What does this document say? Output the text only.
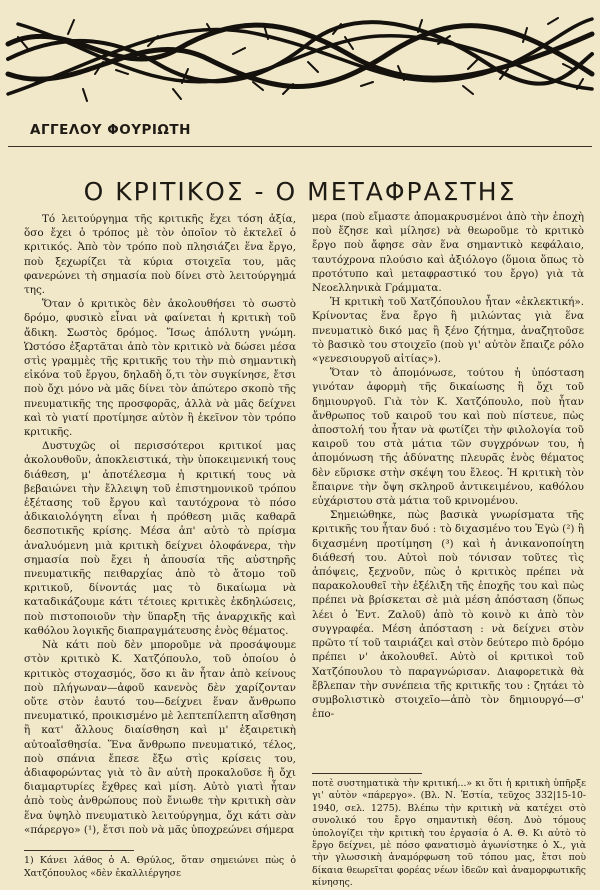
ΑΓΓΕΛΟΥ ΦΟΥΡΙΩΤΗ
Ο ΚΡΙΤΙΚΟΣ - Ο ΜΕΤΑΦΡΑΣΤΗΣ

Τό λειτούργημα τῆς κριτικῆς ἔχει τόση ἀξία, ὅσο ἔχει ὁ τρόπος μὲ τὸν ὁποῖον τὸ ἐκτελεῖ ὁ κριτικός. Ἀπὸ τὸν τρόπο ποὺ πλησιάζει ἕνα ἔργο, ποὺ ξεχωρίζει τὰ κύρια στοιχεῖα του, μᾶς φανερώνει τὴ σημασία ποὺ δίνει στὸ λειτούργημά της.

Ὅταν ὁ κριτικὸς δὲν ἀκολουθήσει τὸ σωστὸ δρόμο, φυσικὸ εἶναι νὰ φαίνεται ἡ κριτικὴ τοῦ ἄδικη. Σωστὸς δρόμος. Ἴσως ἀπόλυτη γνώμη. Ὡστόσο ἐξαρτᾶται ἀπὸ τὸν κριτικὸ νὰ δώσει μέσα στὶς γραμμὲς τῆς κριτικῆς του τὴν πιὸ σημαντικὴ εἰκόνα τοῦ ἔργου, δηλαδὴ ὅ,τι τὸν συγκίνησε, ἔτσι ποὺ ὄχι μόνο νὰ μᾶς δίνει τὸν ἀπώτερο σκοπὸ τῆς πνευματικῆς της προσφορᾶς, ἀλλὰ νὰ μᾶς δείχνει καὶ τὸ γιατί προτίμησε αὐτὸν ἢ ἐκεῖνον τὸν τρόπο κριτικῆς.

Δυστυχῶς οἱ περισσότεροι κριτικοί μας ἀκολουθοῦν, ἀποκλειστικά, τὴν ὑποκειμενική τους διάθεση, μ' ἀποτέλεσμα ἡ κριτική τους νὰ βεβαιώνει τὴν ἔλλειψη τοῦ ἐπιστημονικοῦ τρόπου ἐξέτασης τοῦ ἔργου καὶ ταυτόχρονα τὸ πόσο ἀδικαιολόγητη εἶναι ἡ πρόθεση μιᾶς καθαρᾶ δεσποτικῆς κρίσης. Μέσα ἀπ' αὐτὸ τὸ πρίσμα ἀναλυόμενη μιὰ κριτικὴ δείχνει ὁλοφάνερα, τὴν σημασία ποὺ ἔχει ἡ ἀπουσία τῆς αὐστηρῆς πνευματικῆς πειθαρχίας ἀπὸ τὸ ἄτομο τοῦ κριτικοῦ, δίνοντάς μας τὸ δικαίωμα νὰ καταδικάζουμε κάτι τέτοιες κριτικὲς ἐκδηλώσεις, ποὺ πιστοποιοῦν τὴν ὕπαρξη τῆς ἀναρχικῆς καὶ καθόλου λογικῆς διαπραγμάτευσης ἑνὸς θέματος.

Νὰ κάτι ποὺ δὲν μποροῦμε νὰ προσάψουμε στὸν κριτικὸ Κ. Χατζόπουλο, τοῦ ὁποίου ὁ κριτικὸς στοχασμός, ὅσο κι ἂν ἦταν ἀπὸ κείνους ποὺ πλήγωναν—ἀφοῦ κανενὸς δὲν χαρίζονταν οὔτε στὸν ἑαυτό του—δείχνει ἕναν ἄνθρωπο πνευματικό, προικισμένο μὲ λεπτεπίλεπτη αἴσθηση ἢ κατ' ἄλλους διαίσθηση καὶ μ' ἐξαιρετικὴ αὐτοαἴσθησία. Ἕνα ἄνθρωπο πνευματικό, τέλος, ποὺ σπάνια ἔπεσε ἔξω στὶς κρίσεις του, ἀδιαφορώντας γιὰ τὸ ἂν αὐτὴ προκαλοῦσε ἢ ὄχι διαμαρτυρίες ἔχθρες καὶ μίση. Αὐτὸ γιατὶ ἦταν ἀπὸ τοὺς ἀνθρώπους ποὺ ἔνιωθε τὴν κριτικὴ σὰν ἕνα ὑψηλὸ πνευματικὸ λειτούργημα, ὄχι κάτι σὰν «πάρεργο» (¹), ἔτσι ποὺ νὰ μᾶς ὑποχρεώνει σήμερα

1) Κάνει λάθος ὁ Α. Θρύλος, ὅταν σημειώνει πὼς ὁ Χατζόπουλος «δὲν ἐκαλλιέργησε

μερα (ποὺ εἴμαστε ἀπομακρυσμένοι ἀπὸ τὴν ἐποχὴ ποὺ ἔζησε καὶ μίλησε) νὰ θεωροῦμε τὸ κριτικὸ ἔργο ποὺ ἄφησε σὰν ἕνα σημαντικὸ κεφάλαιο, ταυτόχρονα πλούσιο καὶ ἀξιόλογο (ὅμοια ὅπως τὸ προτότυπο καὶ μεταφραστικό του ἔργο) γιὰ τὰ Νεοελληνικὰ Γράμματα.

Ἡ κριτικὴ τοῦ Χατζόπουλου ἦταν «ἐκλεκτική». Κρίνοντας ἕνα ἔργο ἢ μιλώντας γιὰ ἕνα πνευματικὸ δικό μας ἢ ξένο ζήτημα, ἀναζητοῦσε τὸ βασικὸ του στοιχεῖο (ποὺ γι' αὐτὸν ἔπαιζε ρόλο «γενεσιουργοῦ αἰτίας»).

Ὅταν τὸ ἀπομόνωσε, τούτου ἡ ὑπόσταση γινόταν ἀφορμὴ τῆς δικαίωσης ἢ ὄχι τοῦ δημιουργοῦ. Γιὰ τὸν Κ. Χατζόπουλο, ποὺ ἦταν ἄνθρωπος τοῦ καιροῦ του καὶ ποὺ πίστευε, πὼς ἀποστολή του ἦταν νὰ φωτίζει τὴν φιλολογία τοῦ καιροῦ του στὰ μάτια τῶν συγχρόνων του, ἡ ἀπομόνωση τῆς ἀδύνατης πλευρᾶς ἑνὸς θέματος δὲν εὕρισκε στὴν σκέψη του ἔλεος. Ἡ κριτικὴ τὸν ἔπαιρνε τὴν ὄψη σκληροῦ ἀντικειμένου, καθόλου εὐχάριστου στὰ μάτια τοῦ κρινομένου.

Σημειώθηκε, πὼς βασικὰ γνωρίσματα τῆς κριτικῆς του ἦταν δυό : τὸ διχασμένο του Ἐγὼ (²) ἢ διχασμένη προτίμηση (³) καὶ ἡ ἀνικανοποίητη διάθεσή του. Αὐτοὶ ποὺ τόνισαν τοῦτες τὶς ἀπόψεις, ξεχνοῦν, πὼς ὁ κριτικὸς πρέπει νὰ παρακολουθεῖ τὴν ἐξέλιξη τῆς ἐποχῆς του καὶ πὼς πρέπει νὰ βρίσκεται σὲ μιὰ μέση ἀπόσταση (ὅπως λέει ὁ Ἐντ. Ζαλοῦ) ἀπὸ τὸ κοινὸ κι ἀπὸ τὸν συγγραφέα. Μέση ἀπόσταση : νὰ δείχνει στὸν πρῶτο τί τοῦ ταιριάζει καὶ στὸν δεύτερο πιὸ δρόμο πρέπει ν' ἀκολουθεῖ. Αὐτὸ οἱ κριτικοὶ τοῦ Χατζόπουλου τὸ παραγνώρισαν. Διαφορετικὰ θὰ ἔβλεπαν τὴν συνέπεια τῆς κριτικῆς του : ζητάει τὸ συμβολιστικὸ στοιχεῖο—ἀπὸ τὸν δημιουργό—σ' ἐπο-

ποτὲ συστηματικὰ τὴν κριτική...» κι ὅτι ἡ κριτικὴ ὑπῆρξε γι' αὐτὸν «πάρεργο». (Βλ. Ν. Ἑστία, τεῦχος 332|15-10-1940, σελ. 1275). Βλέπω τὴν κριτικὴ νὰ κατέχει στὸ συνολικό του ἔργο σημαντικὴ θέση. Δυὸ τόμους ὑπολογίζει τὴν κριτικὴ του ἐργασία ὁ Α. Θ. Κι αὐτὸ τὸ ἔργο δείχνει, μὲ πόσο φανατισμὸ ἀγωνίστηκε ὁ Χ., γιὰ τὴν γλωσσικὴ ἀναμόρφωση τοῦ τόπου μας, ἔτσι ποὺ δίκαια θεωρεῖται φορέας νέων ἰδεῶν καὶ ἀναμορφωτικῆς κίνησης.
